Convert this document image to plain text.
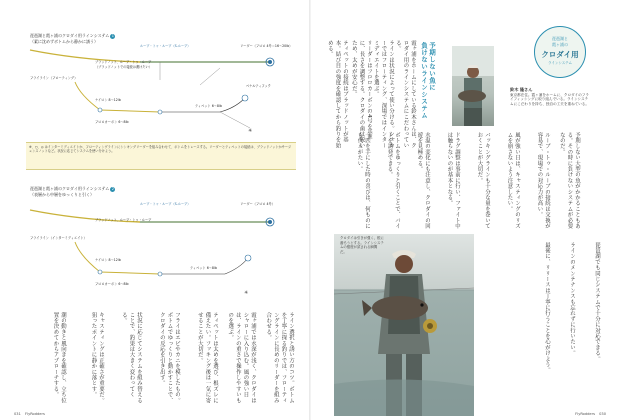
琵琶湖と霞ヶ浦のクロダイ用ラインシステム 1
（素に沈めずボトムから静かに誘う）
✳
ループ・トゥ・ループ（S-ループ）	リーダー（フロロ 4号＝16〜20lb）
フライライン（フローティング）
ブラッドノット、ループ・トゥ・ループ
（ブラッドノットでの接続は避けたい）
ナイロン 8〜12lb
フロロカーボン 6〜8lb
ペナルティフック
ティペット 6〜8lb
※、○、◎ はインターミディエイトか、フローティングラインにシンキングリーダーを組み合わせて、ボトムをトレースする。リーダーとティペットの接続は、ブラッドノットかサージェンスノットなど。状況に応じてシステムを使い分けよう。
琵琶湖と霞ヶ浦のクロダイ用ラインシステム 2
（表層から中層をゆっくりと引く）
✳
ループ・トゥ・ループ（S-ループ）	リーダー（フロロ 4号）
フライライン（インターミディエイト）
ブラッドノット、ループ・トゥ・ループ
ナイロン 8〜12lb
フロロカーボン 6〜8lb
ティペット 6〜8lb
ライン選択と誘い方のコツ。ボトムを丁寧に探る釣りでは、フローティングラインに長めのリーダーを組み合わせる。
霞ヶ浦では水深が浅く、クロダイはシャローに入り込む。風の強い日は、ラインの重さで操作しやすいものを選ぶ。
ティペットは太めを選び、根ズレに備えたい。フッキング後は一気に寄せることが大切だ。
フライはエビやカニを模したもの。ボトムでゆっくりと動かすことで、クロダイの反応を引き出す。
状況に応じてシステムを組み替えることで、釣果は大きく変わってくる。
キャスティングは正確さが重要だ。狙ったポイントに静かに落とす。
潮の動きと風向きを確認し、立ち位置を決めてからアプローチする。
031 FlyRodders
予期しない魚に
負けないラインシステム
琵琶湖と
霞ヶ浦の
クロダイ用
ラインシステム
鈴木 隆さん
東京都在住。霞ヶ浦をホームに、クロダイのフライフィッシングに取り組んでいる。ラインシステムにこだわりを持ち、独自の工夫を重ねている。
霞ヶ浦をホームにしている鈴木さんは、クロダイ用のラインシステムにこだわっている。
ラインは状況によって使い分ける。シャローではフローティング、深場ではインターミディエイトを選ぶ。
リーダーはフロロカーボンの4号を基準に、長さを調整する。クロダイの歯は鋭いため、太めが安心だ。
ティペットの接続はブラッドノットが基本。結び目の強度を確認してから釣りを始める。
予期しない大型の魚がかかることもある。その時に負けないシステムが必要なのだ。
ループ・トゥ・ループの接続は交換が容易で、現場での対応力が高い。
風が強い日は、キャスティングのリズムを崩さないよう注意したい。
バッキングラインも十分な量を巻いておくことが大切だ。
ドラグ調整は事前に行い、ファイト中は触らないのが基本となる。
水温の変化にも注意し、クロダイの回遊を見極める。
ボトムをゆっくりと引くことで、バイトを誘発できる。
一匹を手にした時の喜びは、何ものにも代えがたい。
琵琶湖でも同じシステムで十分に対応できる。
ラインのメンテナンスも忘れずに行いたい。
最後に、リリースは丁寧に行うことを心がけよう。
クロダイは引きが強く、根に潜ろうとする。ラインシステムの強度が試される瞬間だ。
FlyRodders 030
